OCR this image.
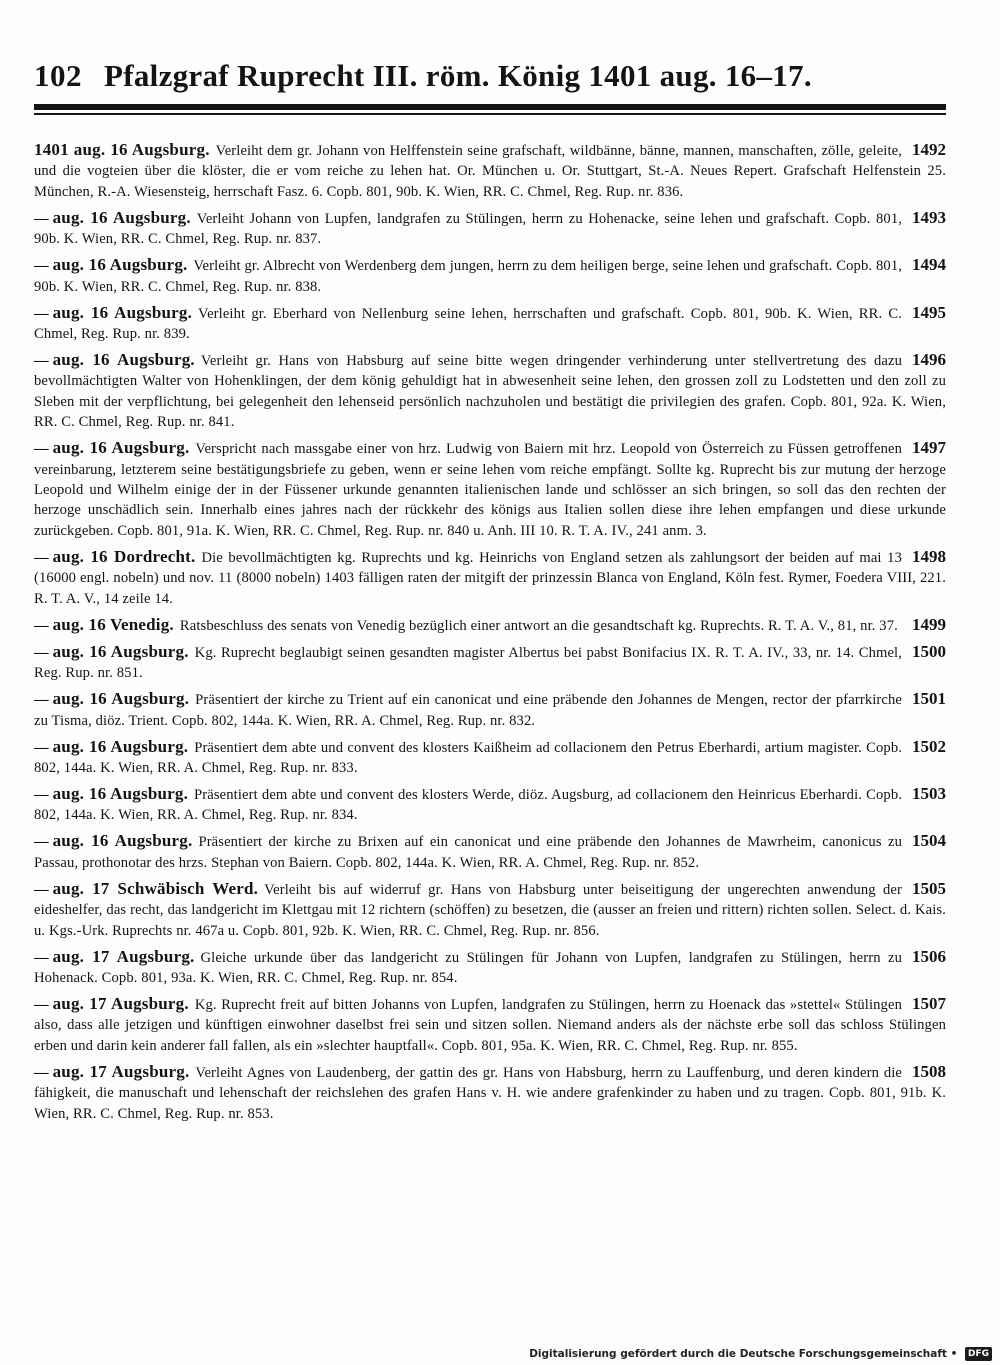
102 Pfalzgraf Ruprecht III. röm. König 1401 aug. 16–17.
1492
1401 aug. 16 Augsburg. Verleiht dem gr. Johann von Helffenstein seine grafschaft, wildbänne, bänne, mannen, manschaften, zölle, geleite, und die vogteien über die klöster, die er vom reiche zu lehen hat. Or. München u. Or. Stuttgart, St.-A. Neues Repert. Grafschaft Helfenstein 25. München, R.-A. Wiesensteig, herrschaft Fasz. 6. Copb. 801, 90b. K. Wien, RR. C. Chmel, Reg. Rup. nr. 836.
1493
— aug. 16 Augsburg. Verleiht Johann von Lupfen, landgrafen zu Stülingen, herrn zu Hohenacke, seine lehen und grafschaft. Copb. 801, 90b. K. Wien, RR. C. Chmel, Reg. Rup. nr. 837.
1494
— aug. 16 Augsburg. Verleiht gr. Albrecht von Werdenberg dem jungen, herrn zu dem heiligen berge, seine lehen und grafschaft. Copb. 801, 90b. K. Wien, RR. C. Chmel, Reg. Rup. nr. 838.
1495
— aug. 16 Augsburg. Verleiht gr. Eberhard von Nellenburg seine lehen, herrschaften und grafschaft. Copb. 801, 90b. K. Wien, RR. C. Chmel, Reg. Rup. nr. 839.
1496
— aug. 16 Augsburg. Verleiht gr. Hans von Habsburg auf seine bitte wegen dringender verhinderung unter stellvertretung des dazu bevollmächtigten Walter von Hohenklingen, der dem könig gehuldigt hat in abwesenheit seine lehen, den grossen zoll zu Lodstetten und den zoll zu Sleben mit der verpflichtung, bei gelegenheit den lehenseid persönlich nachzuholen und bestätigt die privilegien des grafen. Copb. 801, 92a. K. Wien, RR. C. Chmel, Reg. Rup. nr. 841.
1497
— aug. 16 Augsburg. Verspricht nach massgabe einer von hrz. Ludwig von Baiern mit hrz. Leopold von Österreich zu Füssen getroffenen vereinbarung, letzterem seine bestätigungsbriefe zu geben, wenn er seine lehen vom reiche empfängt. Sollte kg. Ruprecht bis zur mutung der herzoge Leopold und Wilhelm einige der in der Füssener urkunde genannten italienischen lande und schlösser an sich bringen, so soll das den rechten der herzoge unschädlich sein. Innerhalb eines jahres nach der rückkehr des königs aus Italien sollen diese ihre lehen empfangen und diese urkunde zurückgeben. Copb. 801, 91a. K. Wien, RR. C. Chmel, Reg. Rup. nr. 840 u. Anh. III 10. R. T. A. IV., 241 anm. 3.
1498
— aug. 16 Dordrecht. Die bevollmächtigten kg. Ruprechts und kg. Heinrichs von England setzen als zahlungsort der beiden auf mai 13 (16000 engl. nobeln) und nov. 11 (8000 nobeln) 1403 fälligen raten der mitgift der prinzessin Blanca von England, Köln fest. Rymer, Foedera VIII, 221. R. T. A. V., 14 zeile 14.
1499
— aug. 16 Venedig. Ratsbeschluss des senats von Venedig bezüglich einer antwort an die gesandtschaft kg. Ruprechts. R. T. A. V., 81, nr. 37.
1500
— aug. 16 Augsburg. Kg. Ruprecht beglaubigt seinen gesandten magister Albertus bei pabst Bonifacius IX. R. T. A. IV., 33, nr. 14. Chmel, Reg. Rup. nr. 851.
1501
— aug. 16 Augsburg. Präsentiert der kirche zu Trient auf ein canonicat und eine präbende den Johannes de Mengen, rector der pfarrkirche zu Tisma, diöz. Trient. Copb. 802, 144a. K. Wien, RR. A. Chmel, Reg. Rup. nr. 832.
1502
— aug. 16 Augsburg. Präsentiert dem abte und convent des klosters Kaißheim ad collacionem den Petrus Eberhardi, artium magister. Copb. 802, 144a. K. Wien, RR. A. Chmel, Reg. Rup. nr. 833.
1503
— aug. 16 Augsburg. Präsentiert dem abte und convent des klosters Werde, diöz. Augsburg, ad collacionem den Heinricus Eberhardi. Copb. 802, 144a. K. Wien, RR. A. Chmel, Reg. Rup. nr. 834.
1504
— aug. 16 Augsburg. Präsentiert der kirche zu Brixen auf ein canonicat und eine präbende den Johannes de Mawrheim, canonicus zu Passau, prothonotar des hrzs. Stephan von Baiern. Copb. 802, 144a. K. Wien, RR. A. Chmel, Reg. Rup. nr. 852.
1505
— aug. 17 Schwäbisch Werd. Verleiht bis auf widerruf gr. Hans von Habsburg unter beiseitigung der ungerechten anwendung der eideshelfer, das recht, das landgericht im Klettgau mit 12 richtern (schöffen) zu besetzen, die (ausser an freien und rittern) richten sollen. Select. d. Kais. u. Kgs.-Urk. Ruprechts nr. 467a u. Copb. 801, 92b. K. Wien, RR. C. Chmel, Reg. Rup. nr. 856.
1506
— aug. 17 Augsburg. Gleiche urkunde über das landgericht zu Stülingen für Johann von Lupfen, landgrafen zu Stülingen, herrn zu Hohenack. Copb. 801, 93a. K. Wien, RR. C. Chmel, Reg. Rup. nr. 854.
1507
— aug. 17 Augsburg. Kg. Ruprecht freit auf bitten Johanns von Lupfen, landgrafen zu Stülingen, herrn zu Hoenack das »stettel« Stülingen also, dass alle jetzigen und künftigen einwohner daselbst frei sein und sitzen sollen. Niemand anders als der nächste erbe soll das schloss Stülingen erben und darin kein anderer fall fallen, als ein »slechter hauptfall«. Copb. 801, 95a. K. Wien, RR. C. Chmel, Reg. Rup. nr. 855.
1508
— aug. 17 Augsburg. Verleiht Agnes von Laudenberg, der gattin des gr. Hans von Habsburg, herrn zu Lauffenburg, und deren kindern die fähigkeit, die manuschaft und lehenschaft der reichslehen des grafen Hans v. H. wie andere grafenkinder zu haben und zu tragen. Copb. 801, 91b. K. Wien, RR. C. Chmel, Reg. Rup. nr. 853.
Digitalisierung gefördert durch die Deutsche Forschungsgemeinschaft • DFG
